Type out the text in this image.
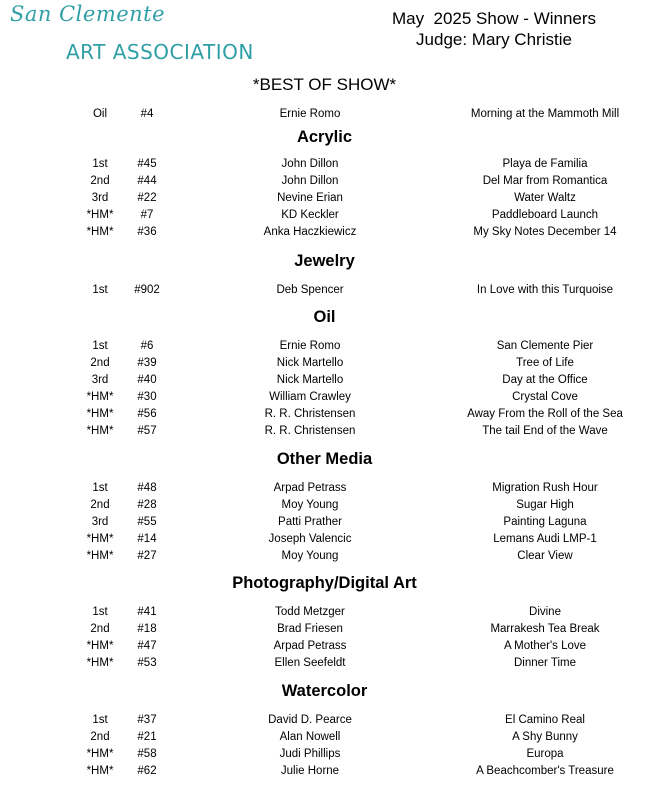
San Clemente
ART ASSOCIATION
May  2025 Show - Winners
Judge: Mary Christie
*BEST OF SHOW*
Oil	#4	Ernie Romo	Morning at the Mammoth Mill
Acrylic
1st	#45	John Dillon	Playa de Familia
2nd	#44	John Dillon	Del Mar from Romantica
3rd	#22	Nevine Erian	Water Waltz
*HM*	#7	KD Keckler	Paddleboard Launch
*HM*	#36	Anka Haczkiewicz	My Sky Notes December 14
Jewelry
1st	#902	Deb Spencer	In Love with this Turquoise
Oil
1st	#6	Ernie Romo	San Clemente Pier
2nd	#39	Nick Martello	Tree of Life
3rd	#40	Nick Martello	Day at the Office
*HM*	#30	William Crawley	Crystal Cove
*HM*	#56	R. R. Christensen	Away From the Roll of the Sea
*HM*	#57	R. R. Christensen	The tail End of the Wave
Other Media
1st	#48	Arpad Petrass	Migration Rush Hour
2nd	#28	Moy Young	Sugar High
3rd	#55	Patti Prather	Painting Laguna
*HM*	#14	Joseph Valencic	Lemans Audi LMP-1
*HM*	#27	Moy Young	Clear View
Photography/Digital Art
1st	#41	Todd Metzger	Divine
2nd	#18	Brad Friesen	Marrakesh Tea Break
*HM*	#47	Arpad Petrass	A Mother's Love
*HM*	#53	Ellen Seefeldt	Dinner Time
Watercolor
1st	#37	David D. Pearce	El Camino Real
2nd	#21	Alan Nowell	A Shy Bunny
*HM*	#58	Judi Phillips	Europa
*HM*	#62	Julie Horne	A Beachcomber's Treasure
